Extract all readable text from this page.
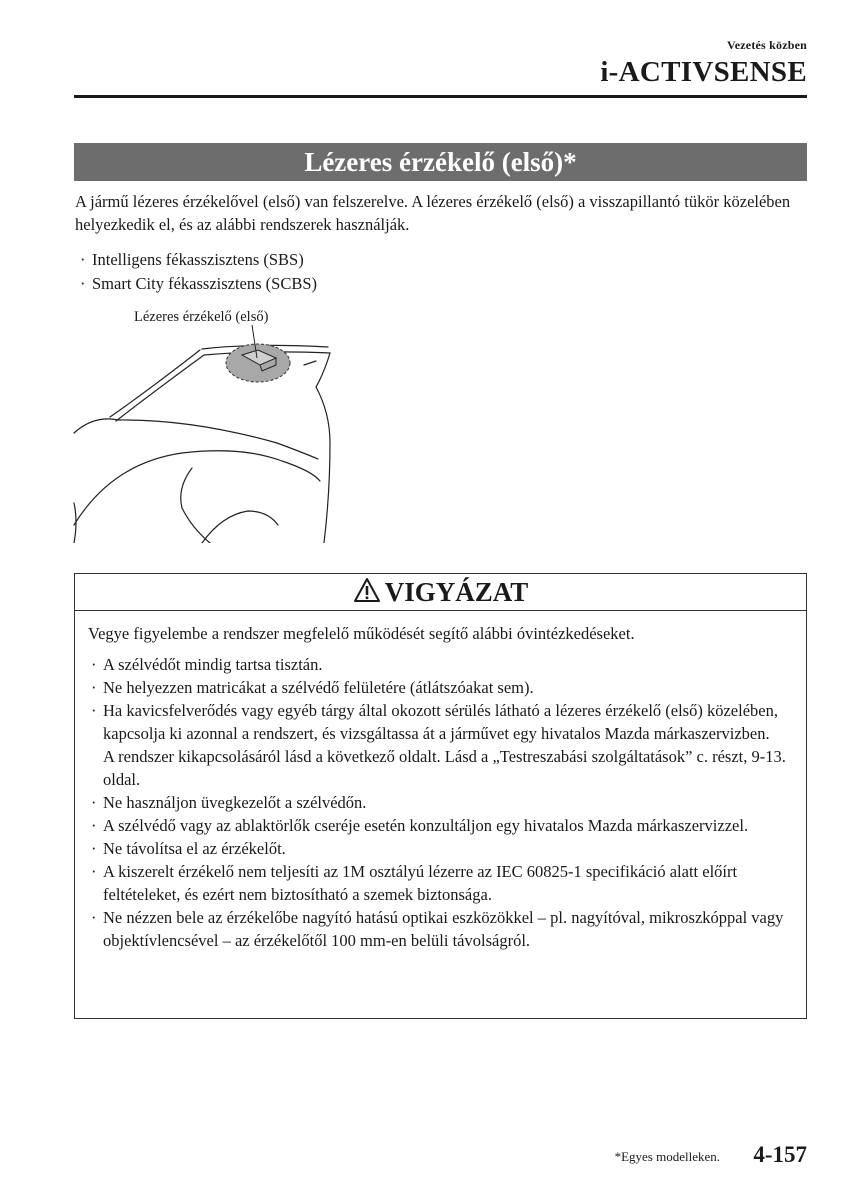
Vezetés közben
i-ACTIVSENSE
Lézeres érzékelő (első)*

A jármű lézeres érzékelővel (első) van felszerelve. A lézeres érzékelő (első) a visszapillantó tükör közelében helyezkedik el, és az alábbi rendszerek használják.

· Intelligens fékasszisztens (SBS)
· Smart City fékasszisztens (SCBS)
Lézeres érzékelő (első)
VIGYÁZAT

Vegye figyelembe a rendszer megfelelő működését segítő alábbi óvintézkedéseket.

· A szélvédőt mindig tartsa tisztán.
· Ne helyezzen matricákat a szélvédő felületére (átlátszóakat sem).
· Ha kavicsfelverődés vagy egyéb tárgy által okozott sérülés látható a lézeres érzékelő (első) közelében, kapcsolja ki azonnal a rendszert, és vizsgáltassa át a járművet egy hivatalos Mazda márkaszervizben.
A rendszer kikapcsolásáról lásd a következő oldalt. Lásd a „Testreszabási szolgáltatások” c. részt, 9-13. oldal.
· Ne használjon üvegkezelőt a szélvédőn.
· A szélvédő vagy az ablaktörlők cseréje esetén konzultáljon egy hivatalos Mazda márkaszervizzel.
· Ne távolítsa el az érzékelőt.
· A kiszerelt érzékelő nem teljesíti az 1M osztályú lézerre az IEC 60825-1 specifikáció alatt előírt feltételeket, és ezért nem biztosítható a szemek biztonsága.
· Ne nézzen bele az érzékelőbe nagyító hatású optikai eszközökkel – pl. nagyítóval, mikroszkóppal vagy objektívlencsével – az érzékelőtől 100 mm-en belüli távolságról.
*Egyes modelleken. 4-157
